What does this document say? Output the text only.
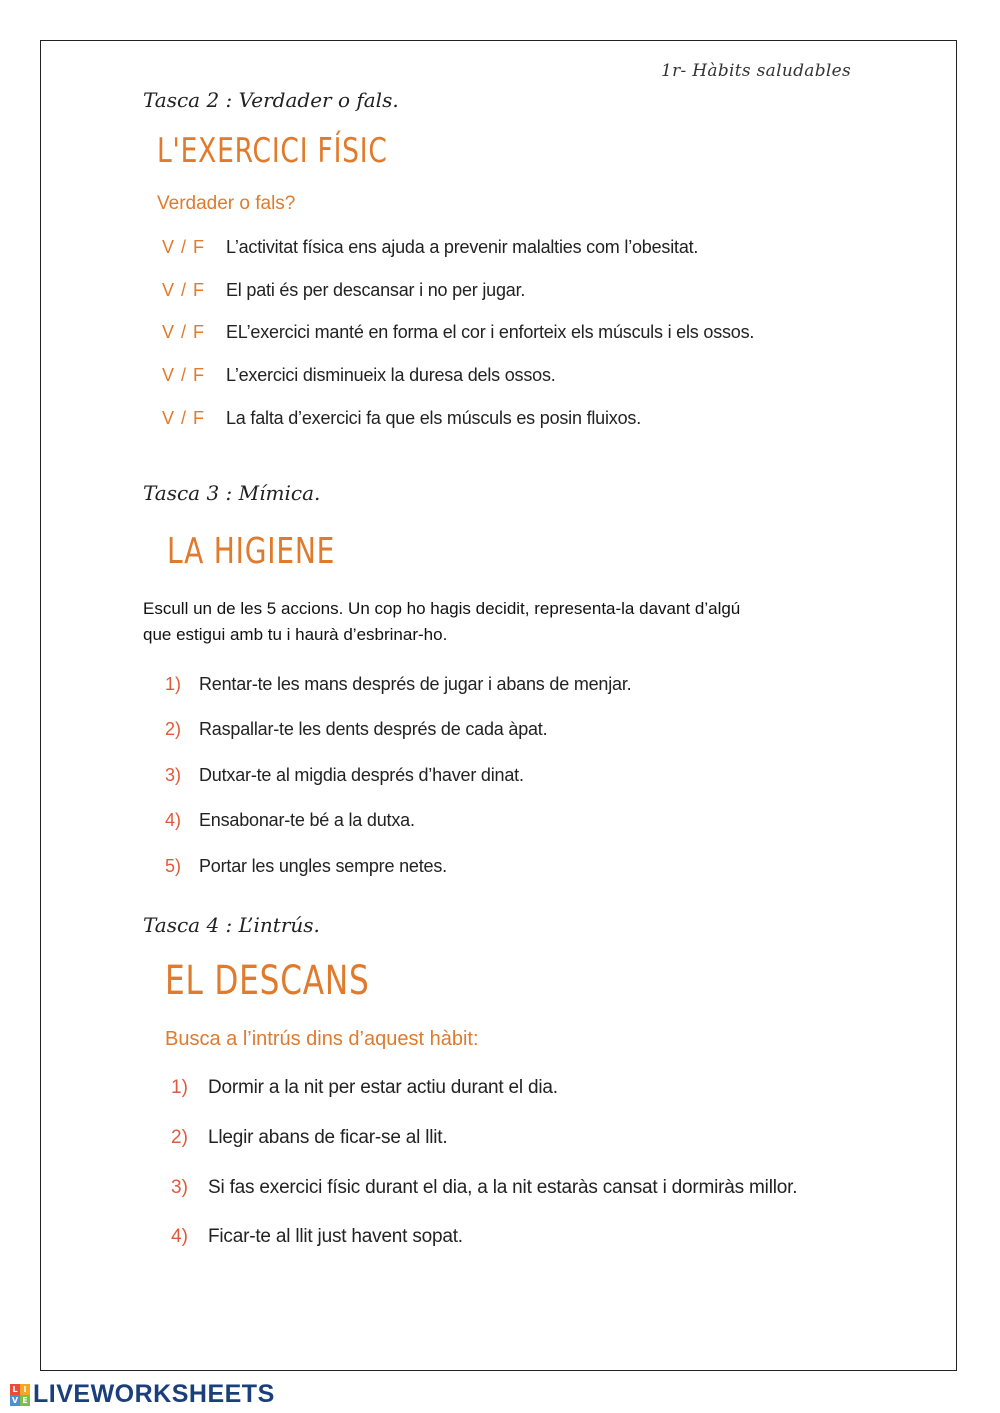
1r- Hàbits saludables
Tasca 2 : Verdader o fals.
L'EXERCICI FÍSIC
Verdader o fals?
V / F L’activitat física ens ajuda a prevenir malalties com l’obesitat.
V / F El pati és per descansar i no per jugar.
V / F EL’exercici manté en forma el cor i enforteix els músculs i els ossos.
V / F L’exercici disminueix la duresa dels ossos.
V / F La falta d’exercici fa que els músculs es posin fluixos.
Tasca 3 : Mímica.
LA HIGIENE
Escull un de les 5 accions. Un cop ho hagis decidit, representa-la davant d’algú
que estigui amb tu i haurà d’esbrinar-ho.
1) Rentar-te les mans després de jugar i abans de menjar.
2) Raspallar-te les dents després de cada àpat.
3) Dutxar-te al migdia després d’haver dinat.
4) Ensabonar-te bé a la dutxa.
5) Portar les ungles sempre netes.
Tasca 4 : L’intrús.
EL DESCANS
Busca a l’intrús dins d’aquest hàbit:
1) Dormir a la nit per estar actiu durant el dia.
2) Llegir abans de ficar-se al llit.
3) Si fas exercici físic durant el dia, a la nit estaràs cansat i dormiràs millor.
4) Ficar-te al llit just havent sopat.
L I
V E LIVEWORKSHEETS
